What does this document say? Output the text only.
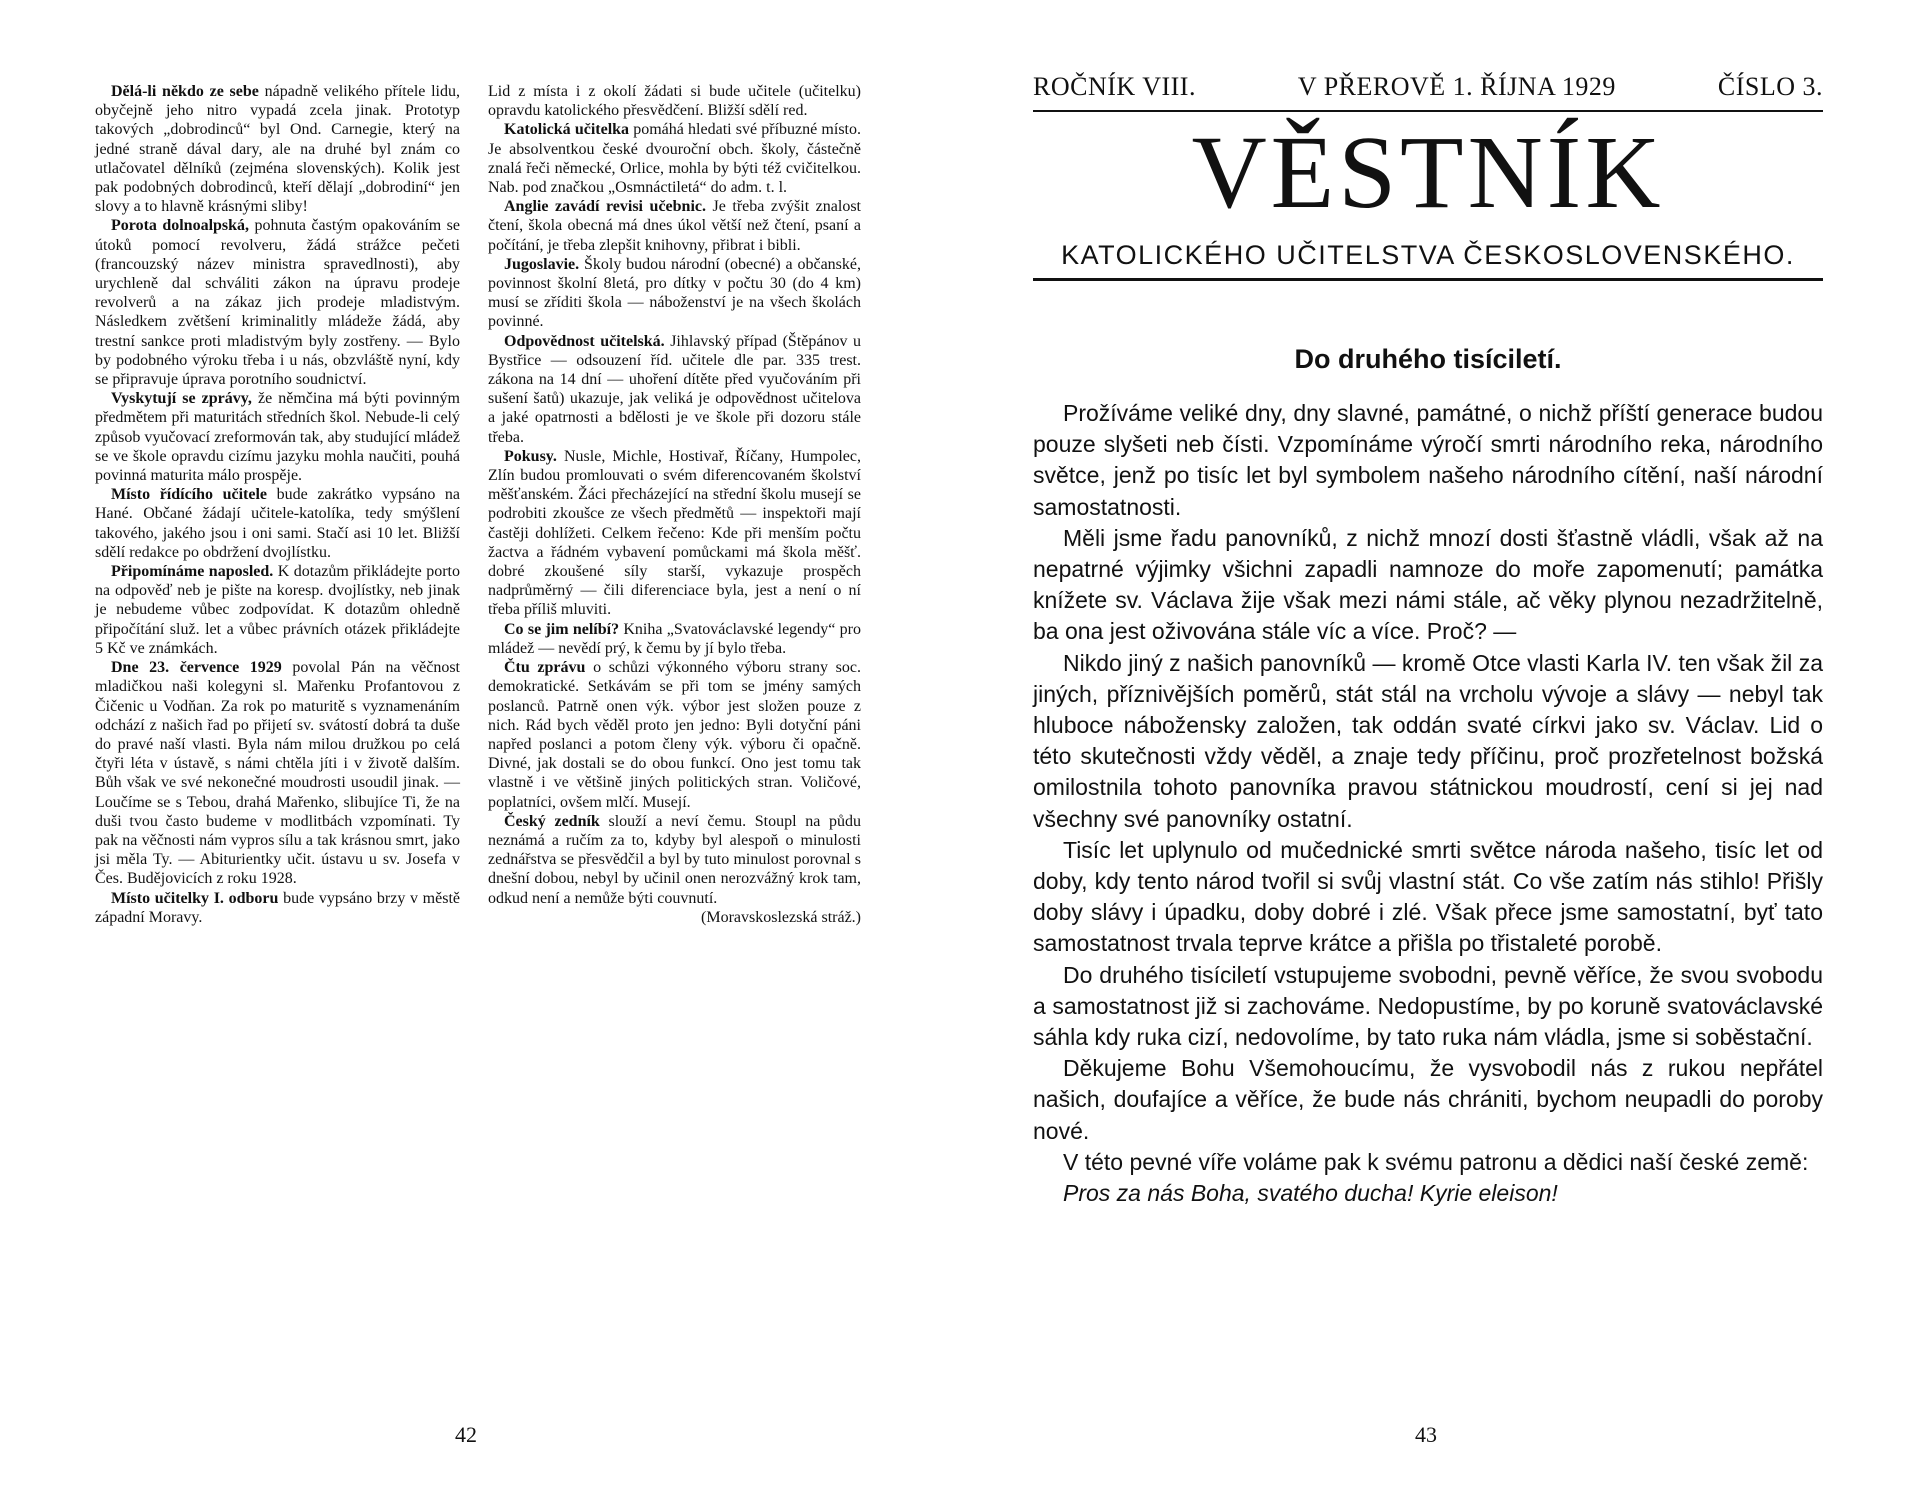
Dělá-li někdo ze sebe nápadně velikého přítele lidu, obyčejně jeho nitro vypadá zcela jinak. Prototyp takových „dobrodinců“ byl Ond. Carnegie, který na jedné straně dával dary, ale na druhé byl znám co utlačovatel dělníků (zejména slovenských). Kolik jest pak podobných dobrodinců, kteří dělají „dobrodiní“ jen slovy a to hlavně krásnými sliby!

Porota dolnoalpská, pohnuta častým opakováním se útoků pomocí revolveru, žádá strážce pečeti (francouzský název ministra spravedlnosti), aby urychleně dal schváliti zákon na úpravu prodeje revolverů a na zákaz jich prodeje mladistvým. Následkem zvětšení kriminalitly mládeže žádá, aby trestní sankce proti mladistvým byly zostřeny. — Bylo by podobného výroku třeba i u nás, obzvláště nyní, kdy se připravuje úprava porotního soudnictví.

Vyskytují se zprávy, že němčina má býti povinným předmětem při maturitách středních škol. Nebude-li celý způsob vyučovací zreformován tak, aby studující mládež se ve škole opravdu cizímu jazyku mohla naučiti, pouhá povinná maturita málo prospěje.

Místo řídícího učitele bude zakrátko vypsáno na Hané. Občané žádají učitele-katolíka, tedy smýšlení takového, jakého jsou i oni sami. Stačí asi 10 let. Bližší sdělí redakce po obdržení dvojlístku.

Připomínáme naposled. K dotazům přikládejte porto na odpověď neb je pište na koresp. dvojlístky, neb jinak je nebudeme vůbec zodpovídat. K dotazům ohledně připočítání služ. let a vůbec právních otázek přikládejte 5 Kč ve známkách.

Dne 23. července 1929 povolal Pán na věčnost mladičkou naši kolegyni sl. Mařenku Profantovou z Čičenic u Vodňan. Za rok po maturitě s vyznamenáním odchází z našich řad po přijetí sv. svátostí dobrá ta duše do pravé naší vlasti. Byla nám milou družkou po celá čtyři léta v ústavě, s námi chtěla jíti i v životě dalším. Bůh však ve své nekonečné moudrosti usoudil jinak. — Loučíme se s Tebou, drahá Mařenko, slibujíce Ti, že na duši tvou často budeme v modlitbách vzpomínati. Ty pak na věčnosti nám vypros sílu a tak krásnou smrt, jako jsi měla Ty. — Abiturientky učit. ústavu u sv. Josefa v Čes. Budějovicích z roku 1928.

Místo učitelky I. odboru bude vypsáno brzy v městě západní Moravy.

Lid z místa i z okolí žádati si bude učitele (učitelku) opravdu katolického přesvědčení. Bližší sdělí red.

Katolická učitelka pomáhá hledati své příbuzné místo. Je absolventkou české dvouroční obch. školy, částečně znalá řeči německé, Orlice, mohla by býti též cvičitelkou. Nab. pod značkou „Osmnáctiletá“ do adm. t. l.

Anglie zavádí revisi učebnic. Je třeba zvýšit znalost čtení, škola obecná má dnes úkol větší než čtení, psaní a počítání, je třeba zlepšit knihovny, přibrat i bibli.

Jugoslavie. Školy budou národní (obecné) a občanské, povinnost školní 8letá, pro dítky v počtu 30 (do 4 km) musí se zříditi škola — náboženství je na všech školách povinné.

Odpovědnost učitelská. Jihlavský případ (Štěpánov u Bystřice — odsouzení říd. učitele dle par. 335 trest. zákona na 14 dní — uhoření dítěte před vyučováním při sušení šatů) ukazuje, jak veliká je odpovědnost učitelova a jaké opatrnosti a bdělosti je ve škole při dozoru stále třeba.

Pokusy. Nusle, Michle, Hostivař, Říčany, Humpolec, Zlín budou promlouvati o svém diferencovaném školství měšťanském. Žáci přecházející na střední školu musejí se podrobiti zkoušce ze všech předmětů — inspektoři mají častěji dohlížeti. Celkem řečeno: Kde při menším počtu žactva a řádném vybavení pomůckami má škola měšť. dobré zkoušené síly starší, vykazuje prospěch nadprůměrný — čili diferenciace byla, jest a není o ní třeba příliš mluviti.

Co se jim nelíbí? Kniha „Svatováclavské legendy“ pro mládež — nevědí prý, k čemu by jí bylo třeba.

Čtu zprávu o schůzi výkonného výboru strany soc. demokratické. Setkávám se při tom se jmény samých poslanců. Patrně onen výk. výbor jest složen pouze z nich. Rád bych věděl proto jen jedno: Byli dotyční páni napřed poslanci a potom členy výk. výboru či opačně. Divné, jak dostali se do obou funkcí. Ono jest tomu tak vlastně i ve většině jiných politických stran. Voličové, poplatníci, ovšem mlčí. Musejí.

Český zedník slouží a neví čemu. Stoupl na půdu neznámá a ručím za to, kdyby byl alespoň o minulosti zednářstva se přesvědčil a byl by tuto minulost porovnal s dnešní dobou, nebyl by učinil onen nerozvážný krok tam, odkud není a nemůže býti couvnutí.

(Moravskoslezská stráž.)

42
ROČNÍK VIII.	V PŘEROVĚ 1. ŘÍJNA 1929	ČÍSLO 3.
VĚSTNÍK
KATOLICKÉHO UČITELSTVA ČESKOSLOVENSKÉHO.
Do druhého tisíciletí.

Prožíváme veliké dny, dny slavné, památné, o nichž příští generace budou pouze slyšeti neb čísti. Vzpomínáme výročí smrti národního reka, národního světce, jenž po tisíc let byl symbolem našeho národního cítění, naší národní samostatnosti.

Měli jsme řadu panovníků, z nichž mnozí dosti šťastně vládli, však až na nepatrné výjimky všichni zapadli namnoze do moře zapomenutí; památka knížete sv. Václava žije však mezi námi stále, ač věky plynou nezadržitelně, ba ona jest oživována stále víc a více. Proč? —

Nikdo jiný z našich panovníků — kromě Otce vlasti Karla IV. ten však žil za jiných, příznivějších poměrů, stát stál na vrcholu vývoje a slávy — nebyl tak hluboce nábožensky založen, tak oddán svaté církvi jako sv. Václav. Lid o této skutečnosti vždy věděl, a znaje tedy příčinu, proč prozřetelnost božská omilostnila tohoto panovníka pravou státnickou moudrostí, cení si jej nad všechny své panovníky ostatní.

Tisíc let uplynulo od mučednické smrti světce národa našeho, tisíc let od doby, kdy tento národ tvořil si svůj vlastní stát. Co vše zatím nás stihlo! Přišly doby slávy i úpadku, doby dobré i zlé. Však přece jsme samostatní, byť tato samostatnost trvala teprve krátce a přišla po třistaleté porobě.

Do druhého tisíciletí vstupujeme svobodni, pevně věříce, že svou svobodu a samostatnost již si zachováme. Nedopustíme, by po koruně svatováclavské sáhla kdy ruka cizí, nedovolíme, by tato ruka nám vládla, jsme si soběstační.

Děkujeme Bohu Všemohoucímu, že vysvobodil nás z rukou nepřátel našich, doufajíce a věříce, že bude nás chrániti, bychom neupadli do poroby nové.

V této pevné víře voláme pak k svému patronu a dědici naší české země:

Pros za nás Boha, svatého ducha! Kyrie eleison!

43
